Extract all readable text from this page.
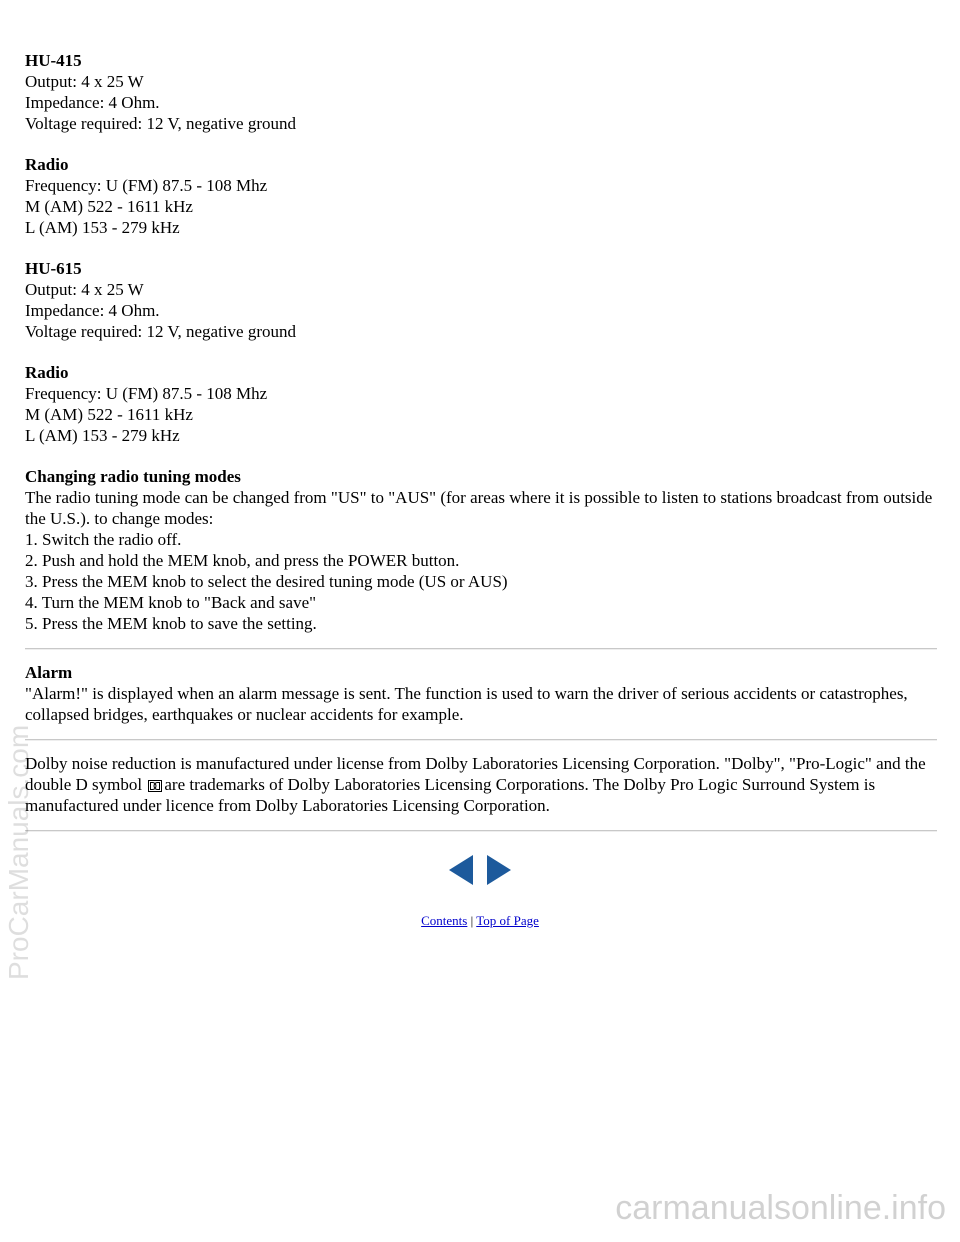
HU-415
Output: 4 x 25 W
Impedance: 4 Ohm.
Voltage required: 12 V, negative ground
Radio
Frequency: U (FM) 87.5 - 108 Mhz
M (AM) 522 - 1611 kHz
L (AM) 153 - 279 kHz
HU-615
Output: 4 x 25 W
Impedance: 4 Ohm.
Voltage required: 12 V, negative ground
Radio
Frequency: U (FM) 87.5 - 108 Mhz
M (AM) 522 - 1611 kHz
L (AM) 153 - 279 kHz
Changing radio tuning modes
The radio tuning mode can be changed from "US" to "AUS" (for areas where it is possible to listen to stations broadcast from outside the U.S.). to change modes:
1. Switch the radio off.
2. Push and hold the MEM knob, and press the POWER button.
3. Press the MEM knob to select the desired tuning mode (US or AUS)
4. Turn the MEM knob to "Back and save"
5. Press the MEM knob to save the setting.
Alarm
"Alarm!" is displayed when an alarm message is sent. The function is used to warn the driver of serious accidents or catastrophes, collapsed bridges, earthquakes or nuclear accidents for example.
Dolby noise reduction is manufactured under license from Dolby Laboratories Licensing Corporation. "Dolby", "Pro-Logic" and the double D symbol are trademarks of Dolby Laboratories Licensing Corporations. The Dolby Pro Logic Surround System is manufactured under licence from Dolby Laboratories Licensing Corporation.

Contents | Top of Page
ProCarManuals.com
carmanualsonline.info
